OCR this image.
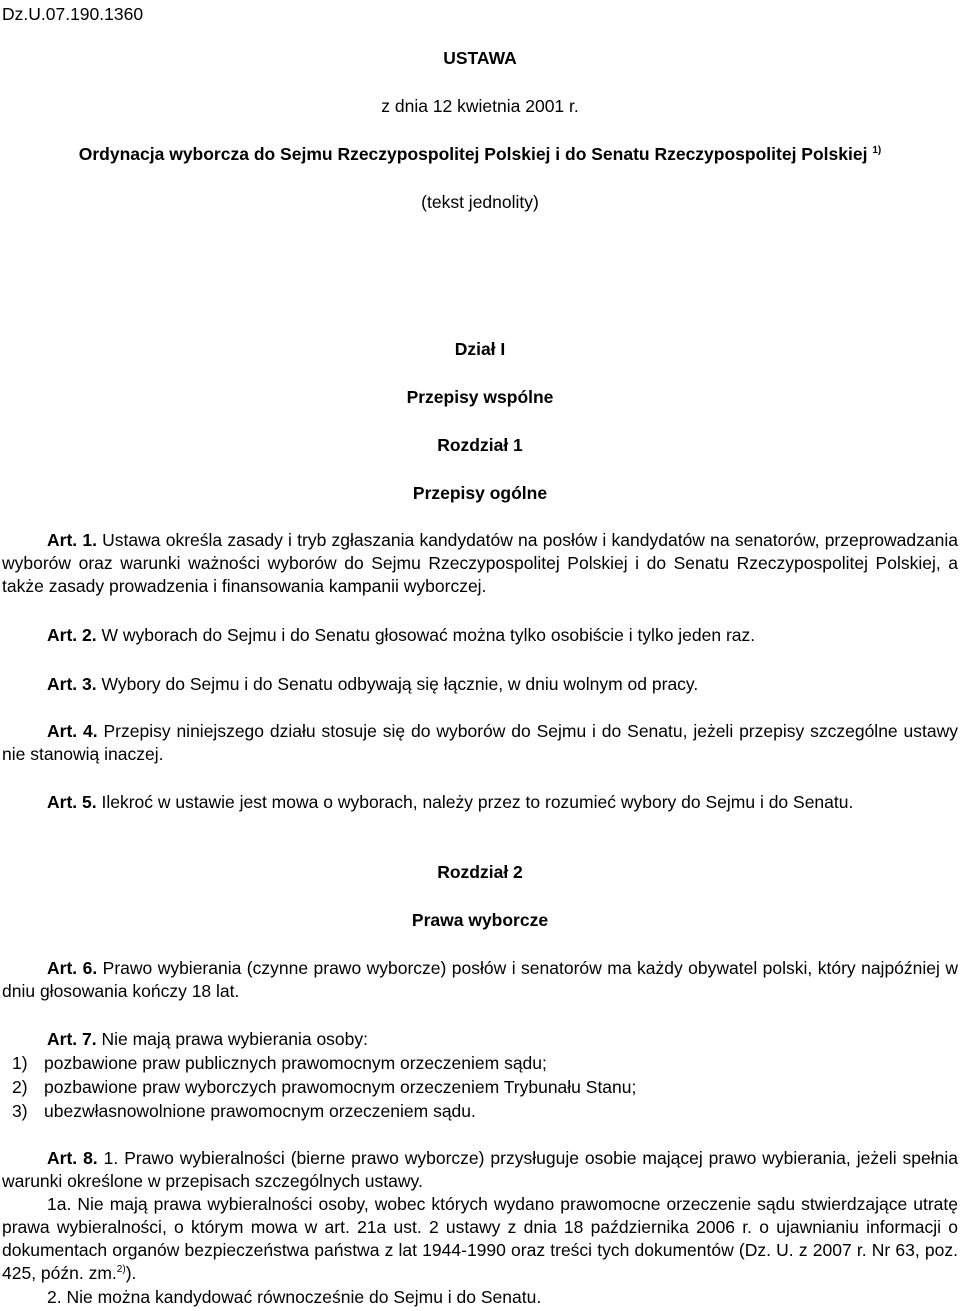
Dz.U.07.190.1360
USTAWA
z dnia 12 kwietnia 2001 r.
Ordynacja wyborcza do Sejmu Rzeczypospolitej Polskiej i do Senatu Rzeczypospolitej Polskiej $^{1)}$
(tekst jednolity)
Dział I
Przepisy wspólne
Rozdział 1
Przepisy ogólne

Art. 1. Ustawa określa zasady i tryb zgłaszania kandydatów na posłów i kandydatów na senatorów, przeprowadzania wyborów oraz warunki ważności wyborów do Sejmu Rzeczypospolitej Polskiej i do Senatu Rzeczypospolitej Polskiej, a także zasady prowadzenia i finansowania kampanii wyborczej.

Art. 2. W wyborach do Sejmu i do Senatu głosować można tylko osobiście i tylko jeden raz.

Art. 3. Wybory do Sejmu i do Senatu odbywają się łącznie, w dniu wolnym od pracy.

Art. 4. Przepisy niniejszego działu stosuje się do wyborów do Sejmu i do Senatu, jeżeli przepisy szczególne ustawy nie stanowią inaczej.

Art. 5. Ilekroć w ustawie jest mowa o wyborach, należy przez to rozumieć wybory do Sejmu i do Senatu.

Rozdział 2
Prawa wyborcze

Art. 6. Prawo wybierania (czynne prawo wyborcze) posłów i senatorów ma każdy obywatel polski, który najpóźniej w dniu głosowania kończy 18 lat.

Art. 7. Nie mają prawa wybierania osoby:

1) pozbawione praw publicznych prawomocnym orzeczeniem sądu;
2) pozbawione praw wyborczych prawomocnym orzeczeniem Trybunału Stanu;
3) ubezwłasnowolnione prawomocnym orzeczeniem sądu.

Art. 8. 1. Prawo wybieralności (bierne prawo wyborcze) przysługuje osobie mającej prawo wybierania, jeżeli spełnia warunki określone w przepisach szczególnych ustawy.

1a. Nie mają prawa wybieralności osoby, wobec których wydano prawomocne orzeczenie sądu stwierdzające utratę prawa wybieralności, o którym mowa w art. 21a ust. 2 ustawy z dnia 18 października 2006 r. o ujawnianiu informacji o dokumentach organów bezpieczeństwa państwa z lat 1944-1990 oraz treści tych dokumentów (Dz. U. z 2007 r. Nr 63, poz. 425, późn. zm.$^{2)}$).

2. Nie można kandydować równocześnie do Sejmu i do Senatu.
